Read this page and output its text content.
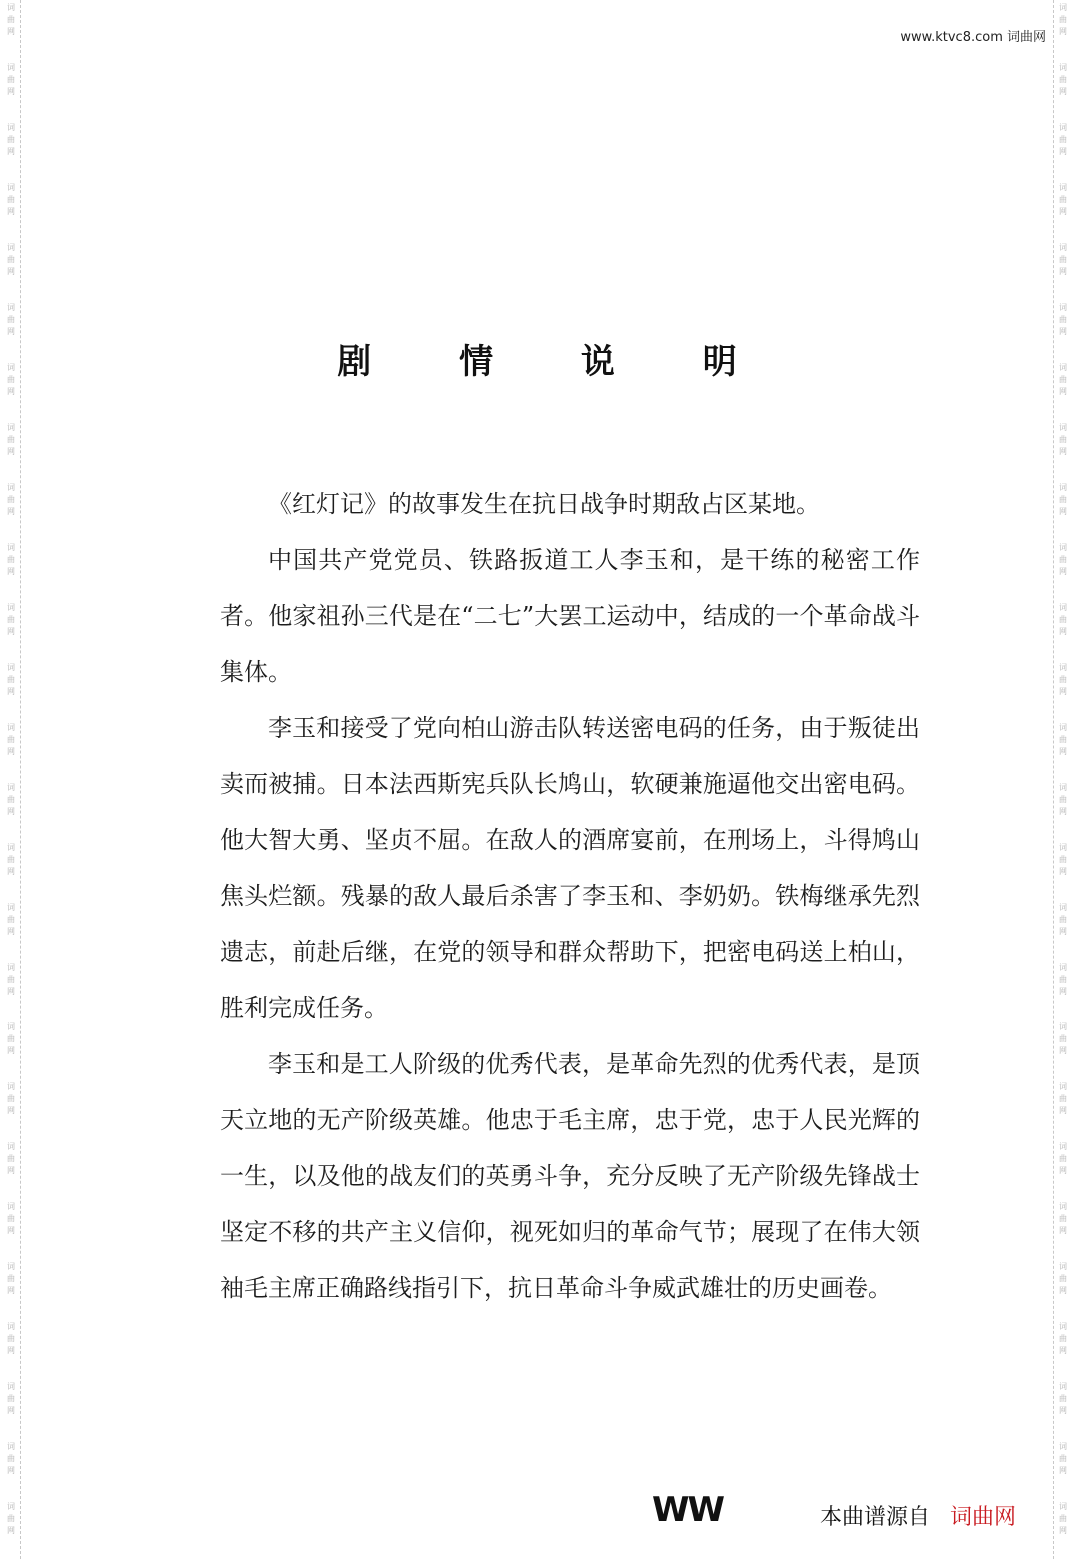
词
曲
网
词
曲
网
词
曲
网
词
曲
网
词
曲
网
词
曲
网
词
曲
网
词
曲
网
词
曲
网
词
曲
网
词
曲
网
词
曲
网
词
曲
网
词
曲
网
词
曲
网
词
曲
网
词
曲
网
词
曲
网
词
曲
网
词
曲
网
词
曲
网
词
曲
网
词
曲
网
词
曲
网
词
曲
网
词
曲
网
词
曲
网
词
曲
网
词
曲
网
词
曲
网
词
曲
网
词
曲
网
词
曲
网
词
曲
网
词
曲
网
词
曲
网
词
曲
网
词
曲
网
词
曲
网
词
曲
网
词
曲
网
词
曲
网
词
曲
网
词
曲
网
词
曲
网
词
曲
网
词
曲
网
词
曲
网
词
曲
网
词
曲
网
词
曲
网
词
曲
网
www.ktvc8.com 词曲网
剧 情 说 明

《红灯记》的故事发生在抗日战争时期敌占区某地。

中国共产党党员、铁路扳道工人李玉和，是干练的秘密工作者。他家祖孙三代是在“二七”大罢工运动中，结成的一个革命战斗集体。

李玉和接受了党向柏山游击队转送密电码的任务，由于叛徒出卖而被捕。日本法西斯宪兵队长鸠山，软硬兼施逼他交出密电码。他大智大勇、坚贞不屈。在敌人的酒席宴前，在刑场上，斗得鸠山焦头烂额。残暴的敌人最后杀害了李玉和、李奶奶。铁梅继承先烈遗志，前赴后继，在党的领导和群众帮助下，把密电码送上柏山，胜利完成任务。

李玉和是工人阶级的优秀代表，是革命先烈的优秀代表，是顶天立地的无产阶级英雄。他忠于毛主席，忠于党，忠于人民光辉的一生，以及他的战友们的英勇斗争，充分反映了无产阶级先锋战士坚定不移的共产主义信仰，视死如归的革命气节；展现了在伟大领袖毛主席正确路线指引下，抗日革命斗争威武雄壮的历史画卷。

WW	本曲谱源自 词曲网
